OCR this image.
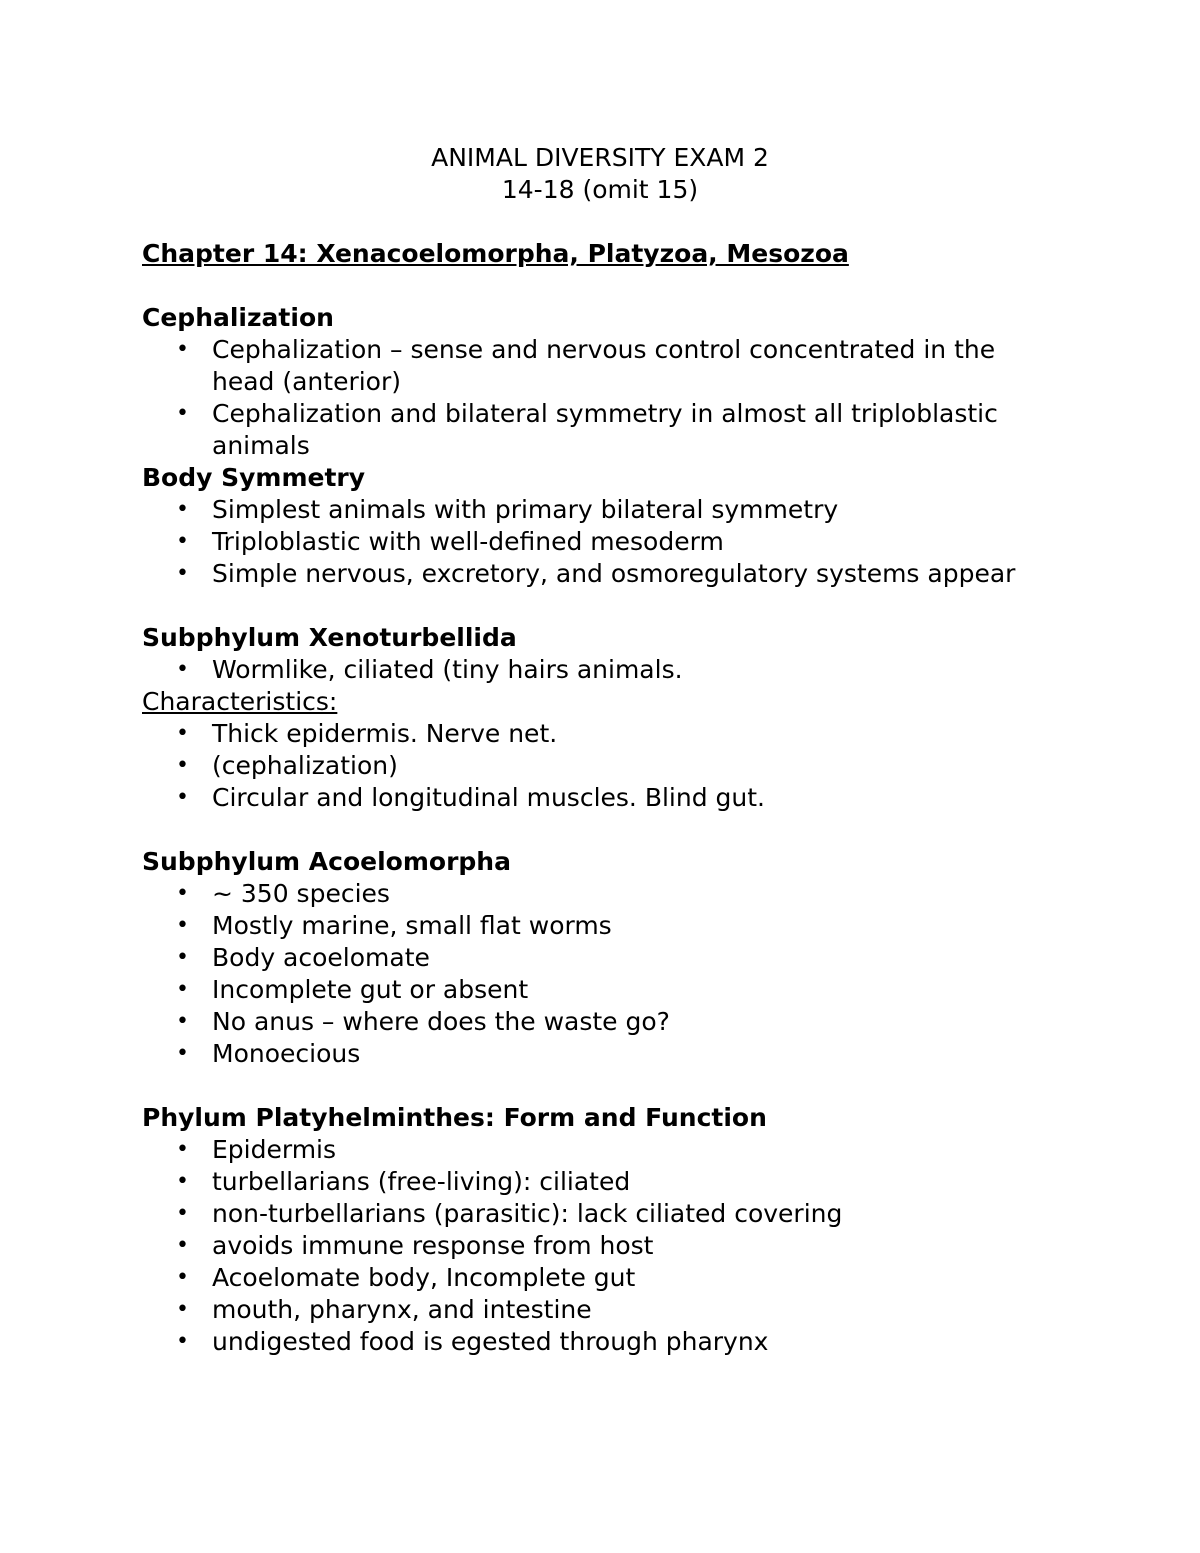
ANIMAL DIVERSITY EXAM 2
14-18 (omit 15)
Chapter 14: Xenacoelomorpha, Platyzoa, Mesozoa
Cephalization
• Cephalization – sense and nervous control concentrated in the head (anterior)
• Cephalization and bilateral symmetry in almost all triploblastic animals
Body Symmetry
• Simplest animals with primary bilateral symmetry
• Triploblastic with well-defined mesoderm
• Simple nervous, excretory, and osmoregulatory systems appear
Subphylum Xenoturbellida
• Wormlike, ciliated (tiny hairs animals.
Characteristics:
• Thick epidermis. Nerve net.
• (cephalization)
• Circular and longitudinal muscles. Blind gut.
Subphylum Acoelomorpha
• ~ 350 species
• Mostly marine, small flat worms
• Body acoelomate
• Incomplete gut or absent
• No anus – where does the waste go?
• Monoecious
Phylum Platyhelminthes: Form and Function
• Epidermis
• turbellarians (free-living): ciliated
• non-turbellarians (parasitic): lack ciliated covering
• avoids immune response from host
• Acoelomate body, Incomplete gut
• mouth, pharynx, and intestine
• undigested food is egested through pharynx
